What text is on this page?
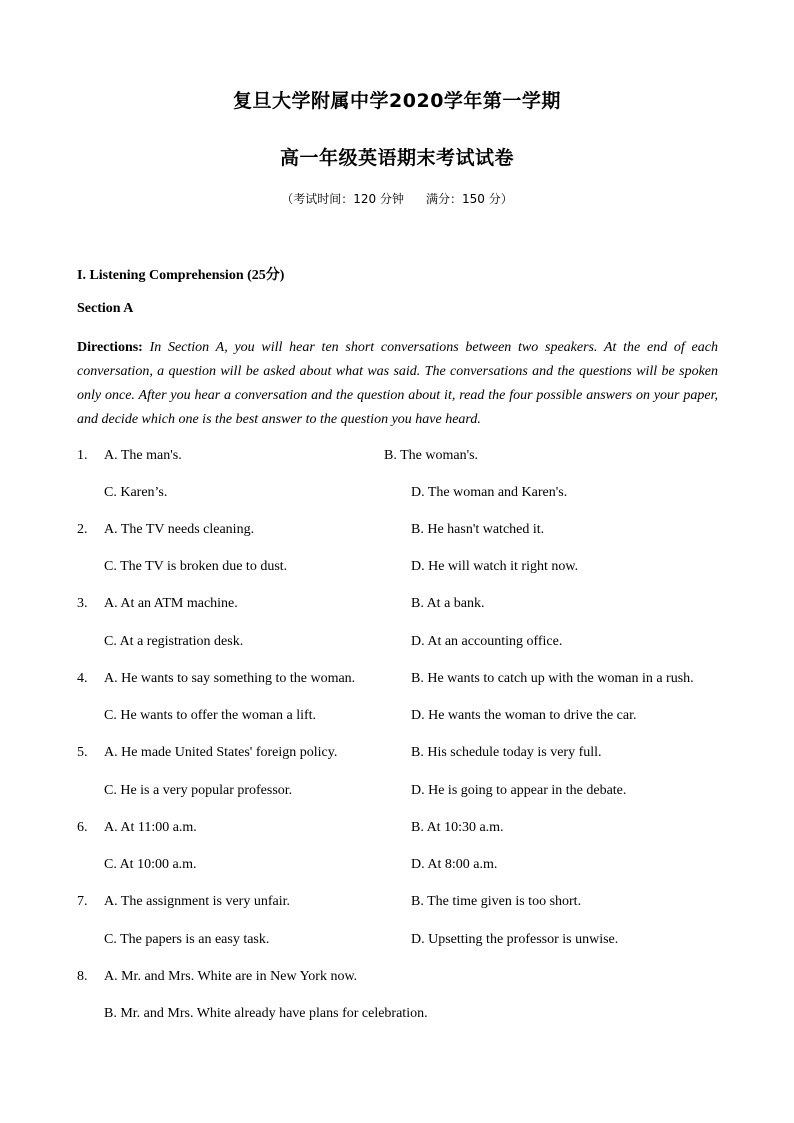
复旦大学附属中学2020学年第一学期
高一年级英语期末考试试卷
（考试时间：120 分钟 满分：150 分）
I. Listening Comprehension (25分)
Section A
Directions: In Section A, you will hear ten short conversations between two speakers. At the end of each conversation, a question will be asked about what was said. The conversations and the questions will be spoken only once. After you hear a conversation and the question about it, read the four possible answers on your paper, and decide which one is the best answer to the question you have heard.
1. A. The man's.	B. The woman's.
C. Karen’s.	D. The woman and Karen's.
2. A. The TV needs cleaning.	B. He hasn't watched it.
C. The TV is broken due to dust.	D. He will watch it right now.
3. A. At an ATM machine.	B. At a bank.
C. At a registration desk.	D. At an accounting office.
4. A. He wants to say something to the woman.	B. He wants to catch up with the woman in a rush.
C. He wants to offer the woman a lift.	D. He wants the woman to drive the car.
5. A. He made United States' foreign policy.	B. His schedule today is very full.
C. He is a very popular professor.	D. He is going to appear in the debate.
6. A. At 11:00 a.m.	B. At 10:30 a.m.
C. At 10:00 a.m.	D. At 8:00 a.m.
7. A. The assignment is very unfair.	B. The time given is too short.
C. The papers is an easy task.	D. Upsetting the professor is unwise.
8. A. Mr. and Mrs. White are in New York now.
B. Mr. and Mrs. White already have plans for celebration.
